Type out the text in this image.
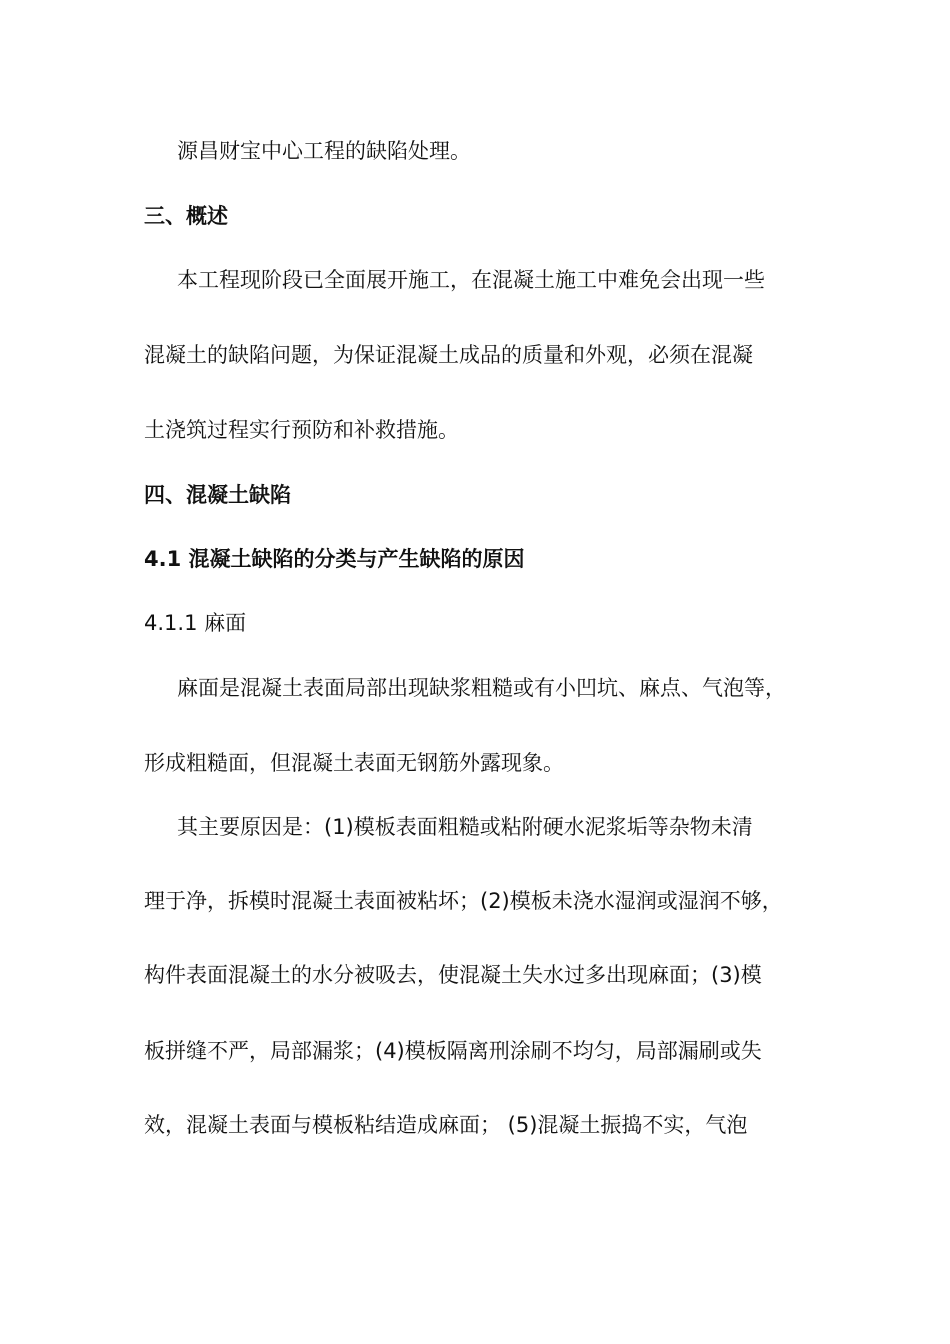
源昌财宝中心工程的缺陷处理。
三、概述
本工程现阶段已全面展开施工，在混凝土施工中难免会出现一些
混凝土的缺陷问题，为保证混凝土成品的质量和外观，必须在混凝
土浇筑过程实行预防和补救措施。
四、混凝土缺陷
4.1 混凝土缺陷的分类与产生缺陷的原因
4.1.1 麻面
麻面是混凝土表面局部出现缺浆粗糙或有小凹坑、麻点、气泡等，
形成粗糙面，但混凝土表面无钢筋外露现象。
其主要原因是：(1)模板表面粗糙或粘附硬水泥浆垢等杂物未清
理于净，拆模时混凝土表面被粘坏；(2)模板未浇水湿润或湿润不够，
构件表面混凝土的水分被吸去，使混凝土失水过多出现麻面；(3)模
板拼缝不严，局部漏浆；(4)模板隔离刑涂刷不均匀，局部漏刷或失
效，混凝土表面与模板粘结造成麻面； (5)混凝土振捣不实，气泡
